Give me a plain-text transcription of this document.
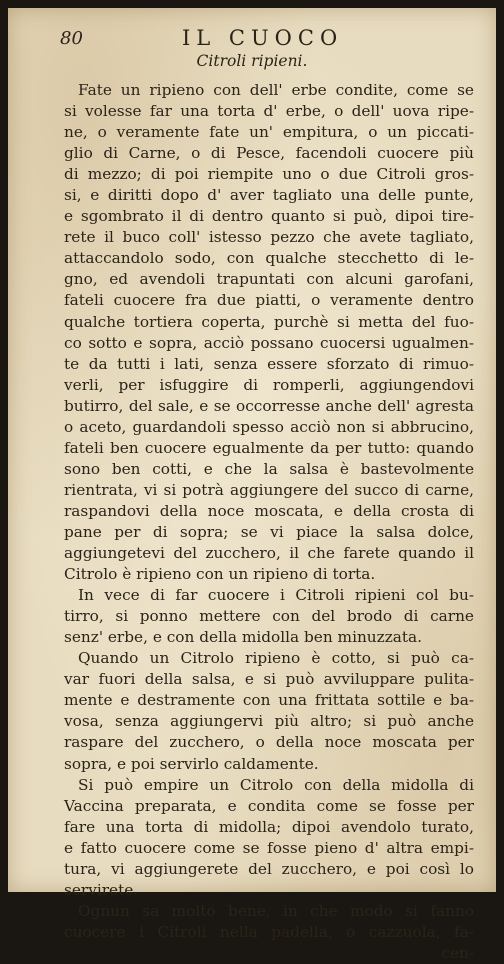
80	IL CUOCO
Citroli ripieni.
Fate un ripieno con dell' erbe condite, come se
si volesse far una torta d' erbe, o dell' uova ripe-
ne, o veramente fate un' empitura, o un piccati-
glio di Carne, o di Pesce, facendoli cuocere più
di mezzo; di poi riempite uno o due Citroli gros-
si, e diritti dopo d' aver tagliato una delle punte,
e sgombrato il di dentro quanto si può, dipoi tire-
rete il buco coll' istesso pezzo che avete tagliato,
attaccandolo sodo, con qualche stecchetto di le-
gno, ed avendoli trapuntati con alcuni garofani,
fateli cuocere fra due piatti, o veramente dentro
qualche tortiera coperta, purchè si metta del fuo-
co sotto e sopra, acciò possano cuocersi ugualmen-
te da tutti i lati, senza essere sforzato di rimuo-
verli, per isfuggire di romperli, aggiungendovi
butirro, del sale, e se occorresse anche dell' agresta
o aceto, guardandoli spesso acciò non si abbrucino,
fateli ben cuocere egualmente da per tutto: quando
sono ben cotti, e che la salsa è bastevolmente
rientrata, vi si potrà aggiungere del succo di carne,
raspandovi della noce moscata, e della crosta di
pane per di sopra; se vi piace la salsa dolce,
aggiungetevi del zucchero, il che farete quando il
Citrolo è ripieno con un ripieno di torta.
In vece di far cuocere i Citroli ripieni col bu-
tirro, si ponno mettere con del brodo di carne
senz' erbe, e con della midolla ben minuzzata.
Quando un Citrolo ripieno è cotto, si può ca-
var fuori della salsa, e si può avviluppare pulita-
mente e destramente con una frittata sottile e ba-
vosa, senza aggiungervi più altro; si può anche
raspare del zucchero, o della noce moscata per
sopra, e poi servirlo caldamente.
Si può empire un Citrolo con della midolla di
Vaccina preparata, e condita come se fosse per
fare una torta di midolla; dipoi avendolo turato,
e fatto cuocere come se fosse pieno d' altra empi-
tura, vi aggiungerete del zucchero, e poi così lo
servirete.
Ognun sa molto bene, in che modo si fanno
cuocere i Citroli nella padella, o cazzuola, fa-
cen-
